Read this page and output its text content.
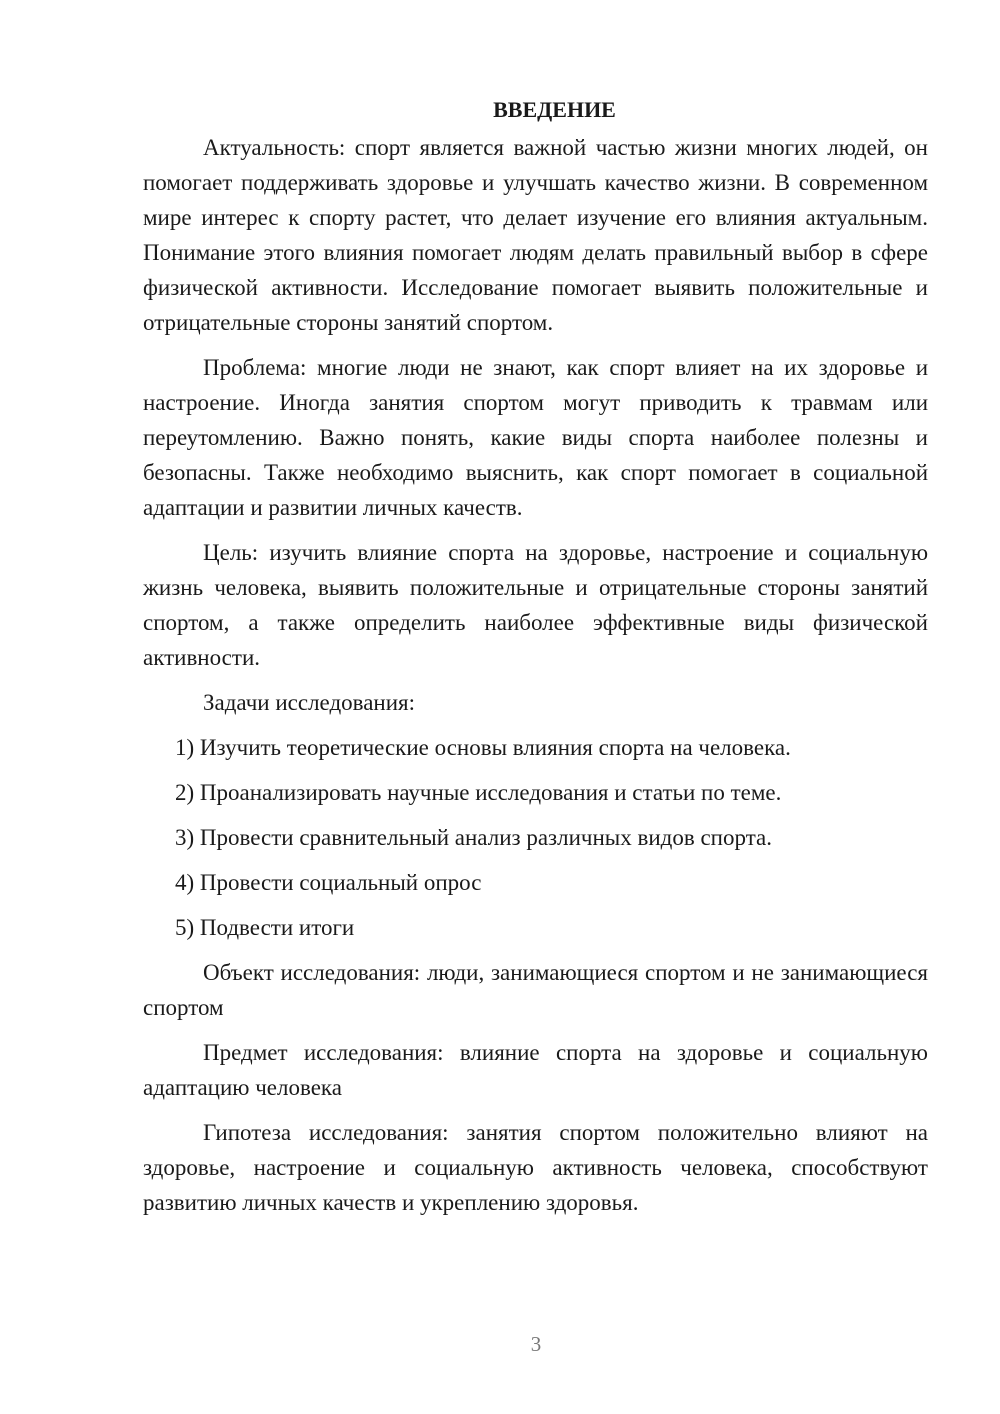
ВВЕДЕНИЕ

Актуальность: спорт является важной частью жизни многих людей, он помогает поддерживать здоровье и улучшать качество жизни. В современном мире интерес к спорту растет, что делает изучение его влияния актуальным. Понимание этого влияния помогает людям делать правильный выбор в сфере физической активности. Исследование помогает выявить положительные и отрицательные стороны занятий спортом.

Проблема: многие люди не знают, как спорт влияет на их здоровье и настроение. Иногда занятия спортом могут приводить к травмам или переутомлению. Важно понять, какие виды спорта наиболее полезны и безопасны. Также необходимо выяснить, как спорт помогает в социальной адаптации и развитии личных качеств.

Цель: изучить влияние спорта на здоровье, настроение и социальную жизнь человека, выявить положительные и отрицательные стороны занятий спортом, а также определить наиболее эффективные виды физической активности.

Задачи исследования:

1) Изучить теоретические основы влияния спорта на человека.
2) Проанализировать научные исследования и статьи по теме.
3) Провести сравнительный анализ различных видов спорта.
4) Провести социальный опрос
5) Подвести итоги

Объект исследования: люди, занимающиеся спортом и не занимающиеся спортом

Предмет исследования: влияние спорта на здоровье и социальную адаптацию человека

Гипотеза исследования: занятия спортом положительно влияют на здоровье, настроение и социальную активность человека, способствуют развитию личных качеств и укреплению здоровья.

3
